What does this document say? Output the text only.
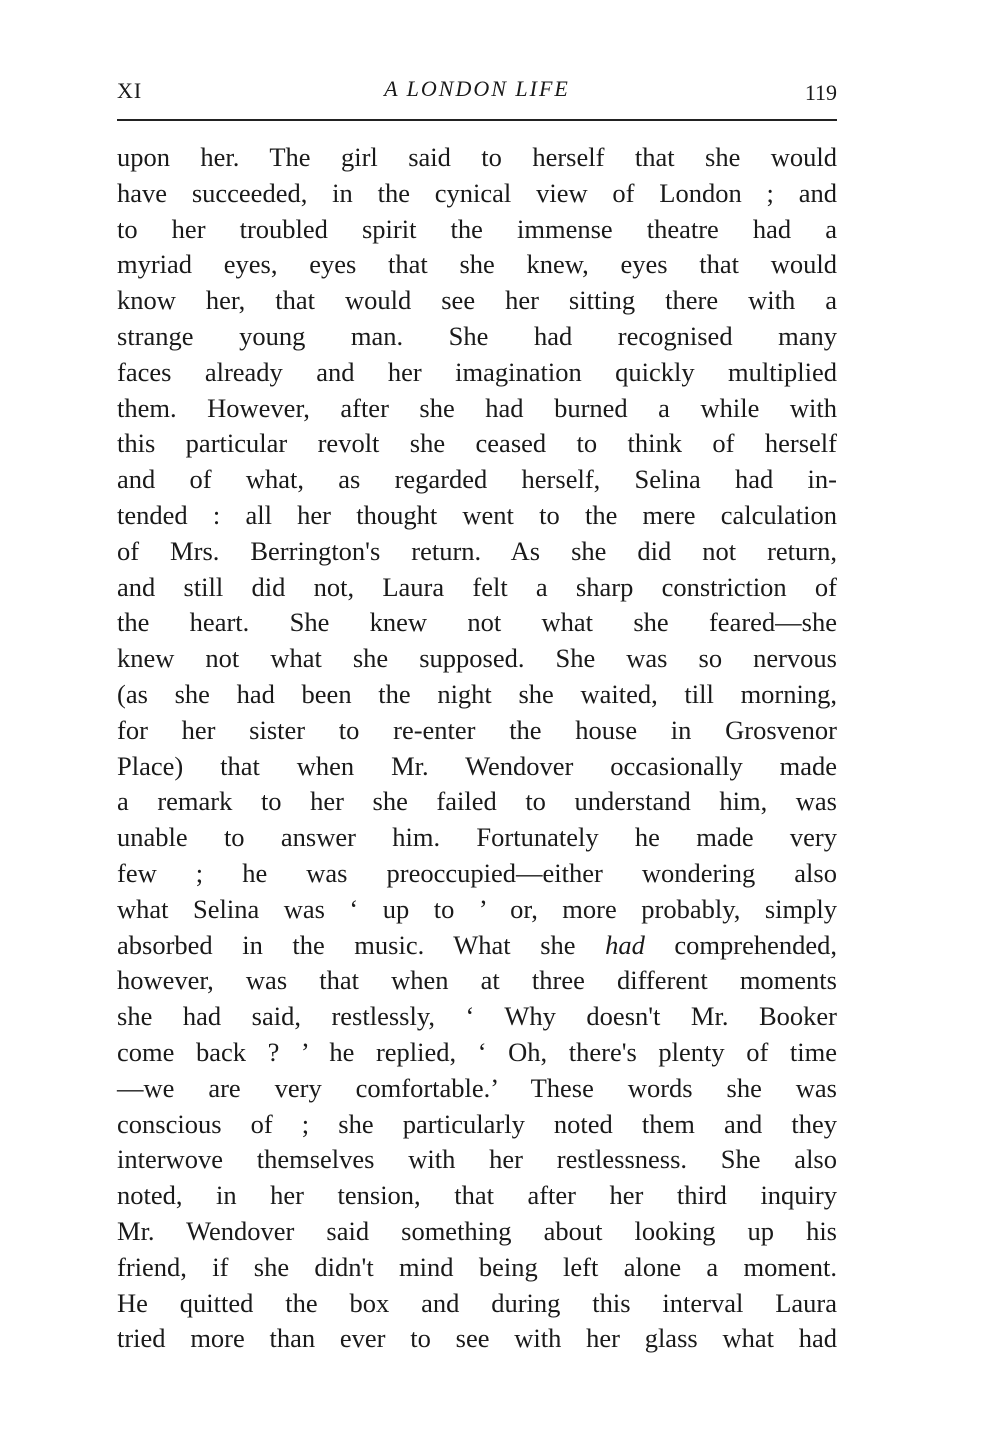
XI	A LONDON LIFE	119
upon her. The girl said to herself that she would
have succeeded, in the cynical view of London ; and
to her troubled spirit the immense theatre had a
myriad eyes, eyes that she knew, eyes that would
know her, that would see her sitting there with a
strange young man. She had recognised many
faces already and her imagination quickly multiplied
them. However, after she had burned a while with
this particular revolt she ceased to think of herself
and of what, as regarded herself, Selina had in-
tended : all her thought went to the mere calculation
of Mrs. Berrington's return. As she did not return,
and still did not, Laura felt a sharp constriction of
the heart. She knew not what she feared—she
knew not what she supposed. She was so nervous
(as she had been the night she waited, till morning,
for her sister to re-enter the house in Grosvenor
Place) that when Mr. Wendover occasionally made
a remark to her she failed to understand him, was
unable to answer him. Fortunately he made very
few ; he was preoccupied—either wondering also
what Selina was ‘ up to ’ or, more probably, simply
absorbed in the music. What she had comprehended,
however, was that when at three different moments
she had said, restlessly, ‘ Why doesn't Mr. Booker
come back ? ’ he replied, ‘ Oh, there's plenty of time
—we are very comfortable.’ These words she was
conscious of ; she particularly noted them and they
interwove themselves with her restlessness. She also
noted, in her tension, that after her third inquiry
Mr. Wendover said something about looking up his
friend, if she didn't mind being left alone a moment.
He quitted the box and during this interval Laura
tried more than ever to see with her glass what had
